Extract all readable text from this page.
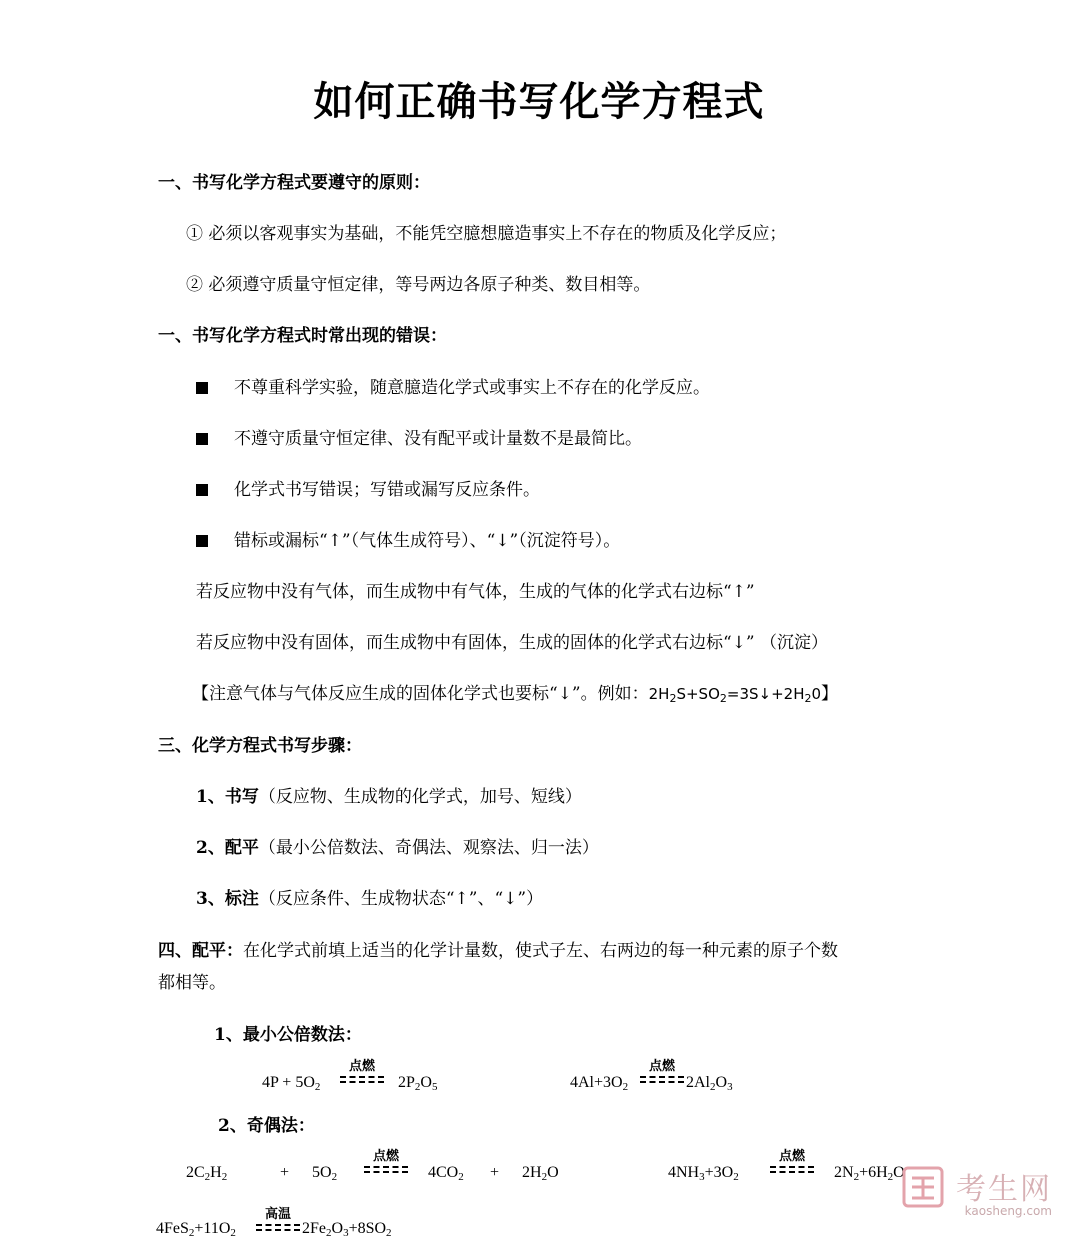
如何正确书写化学方程式
一、书写化学方程式要遵守的原则：
① 必须以客观事实为基础，不能凭空臆想臆造事实上不存在的物质及化学反应；
② 必须遵守质量守恒定律，等号两边各原子种类、数目相等。
一、书写化学方程式时常出现的错误：
不尊重科学实验，随意臆造化学式或事实上不存在的化学反应。
不遵守质量守恒定律、没有配平或计量数不是最简比。
化学式书写错误；写错或漏写反应条件。
错标或漏标“↑”（气体生成符号）、“↓”（沉淀符号）。
若反应物中没有气体，而生成物中有气体，生成的气体的化学式右边标“↑”
若反应物中没有固体，而生成物中有固体，生成的固体的化学式右边标“↓” （沉淀）
【注意气体与气体反应生成的固体化学式也要标“↓”。例如：$2H_2S+SO_2=3S↓+2H_20$】
三、化学方程式书写步骤：
1、书写（反应物、生成物的化学式，加号、短线）
2、配平（最小公倍数法、奇偶法、观察法、归一法）
3、标注（反应条件、生成物状态“↑”、“↓”）
四、配平：在化学式前填上适当的化学计量数，使式子左、右两边的每一种元素的原子个数
都相等。
1、最小公倍数法：
$4P + 5O_2$
点燃
$2P_2O_5$	$4Al+3O_2$
点燃
$2Al_2O_3$
2、奇偶法：
$2C_2H_2$	+ $5O_2$
点燃
$4CO_2 + 2H_2O$	$4NH_3+3O_2$
点燃
$2N_2+6H_2O$
$4FeS_2+11O_2$
高温
$2Fe_2O_3+8SO_2$
考生网
kaosheng.com
